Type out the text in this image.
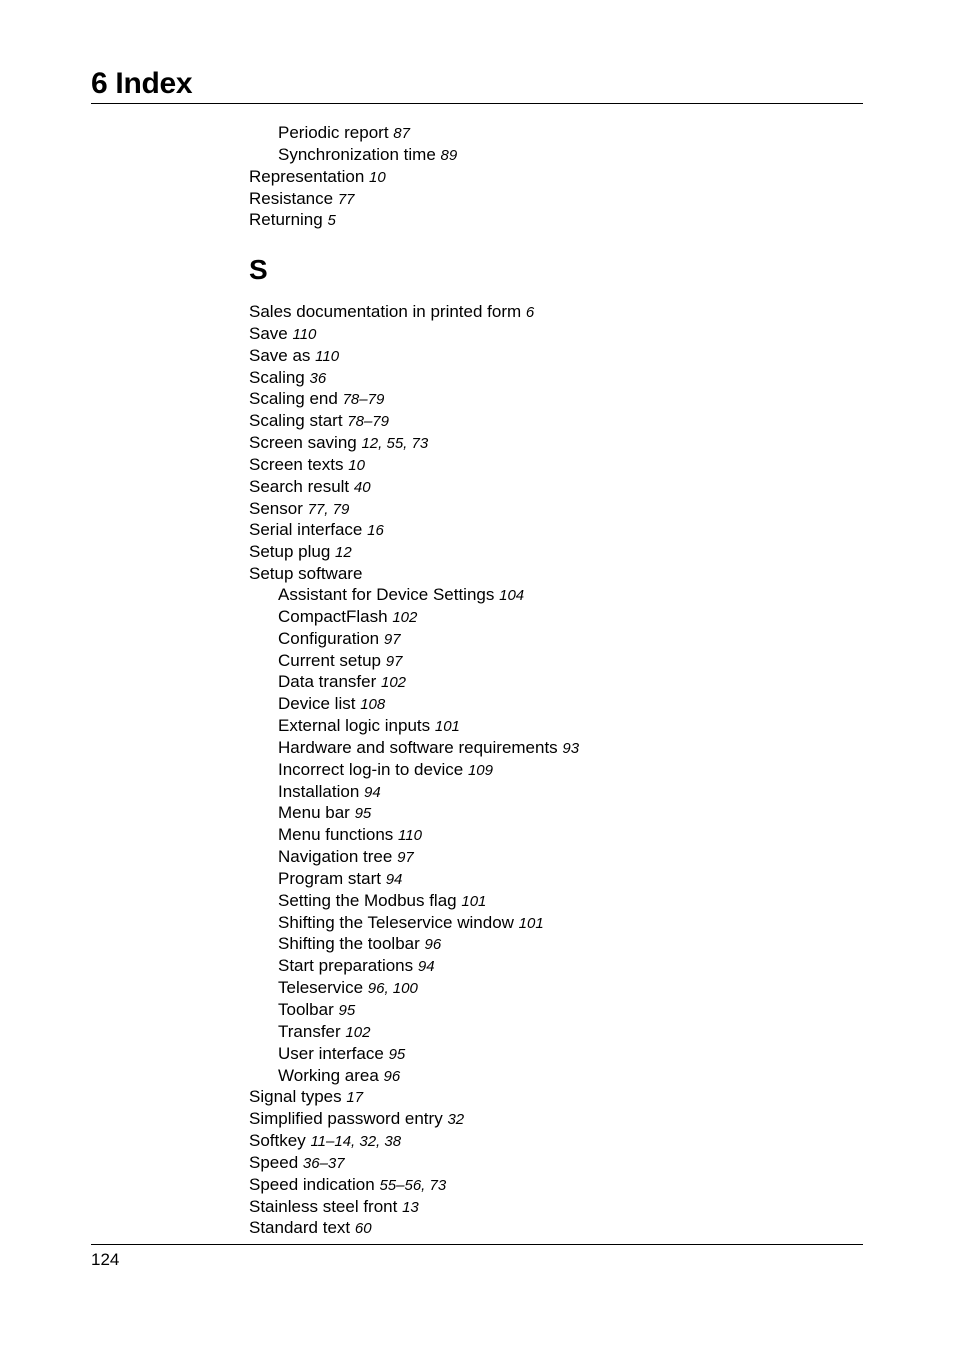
6 Index
Periodic report 87
Synchronization time 89
Representation 10
Resistance 77
Returning 5
S
Sales documentation in printed form 6
Save 110
Save as 110
Scaling 36
Scaling end 78–79
Scaling start 78–79
Screen saving 12, 55, 73
Screen texts 10
Search result 40
Sensor 77, 79
Serial interface 16
Setup plug 12
Setup software
Assistant for Device Settings 104
CompactFlash 102
Configuration 97
Current setup 97
Data transfer 102
Device list 108
External logic inputs 101
Hardware and software requirements 93
Incorrect log-in to device 109
Installation 94
Menu bar 95
Menu functions 110
Navigation tree 97
Program start 94
Setting the Modbus flag 101
Shifting the Teleservice window 101
Shifting the toolbar 96
Start preparations 94
Teleservice 96, 100
Toolbar 95
Transfer 102
User interface 95
Working area 96
Signal types 17
Simplified password entry 32
Softkey 11–14, 32, 38
Speed 36–37
Speed indication 55–56, 73
Stainless steel front 13
Standard text 60
124
